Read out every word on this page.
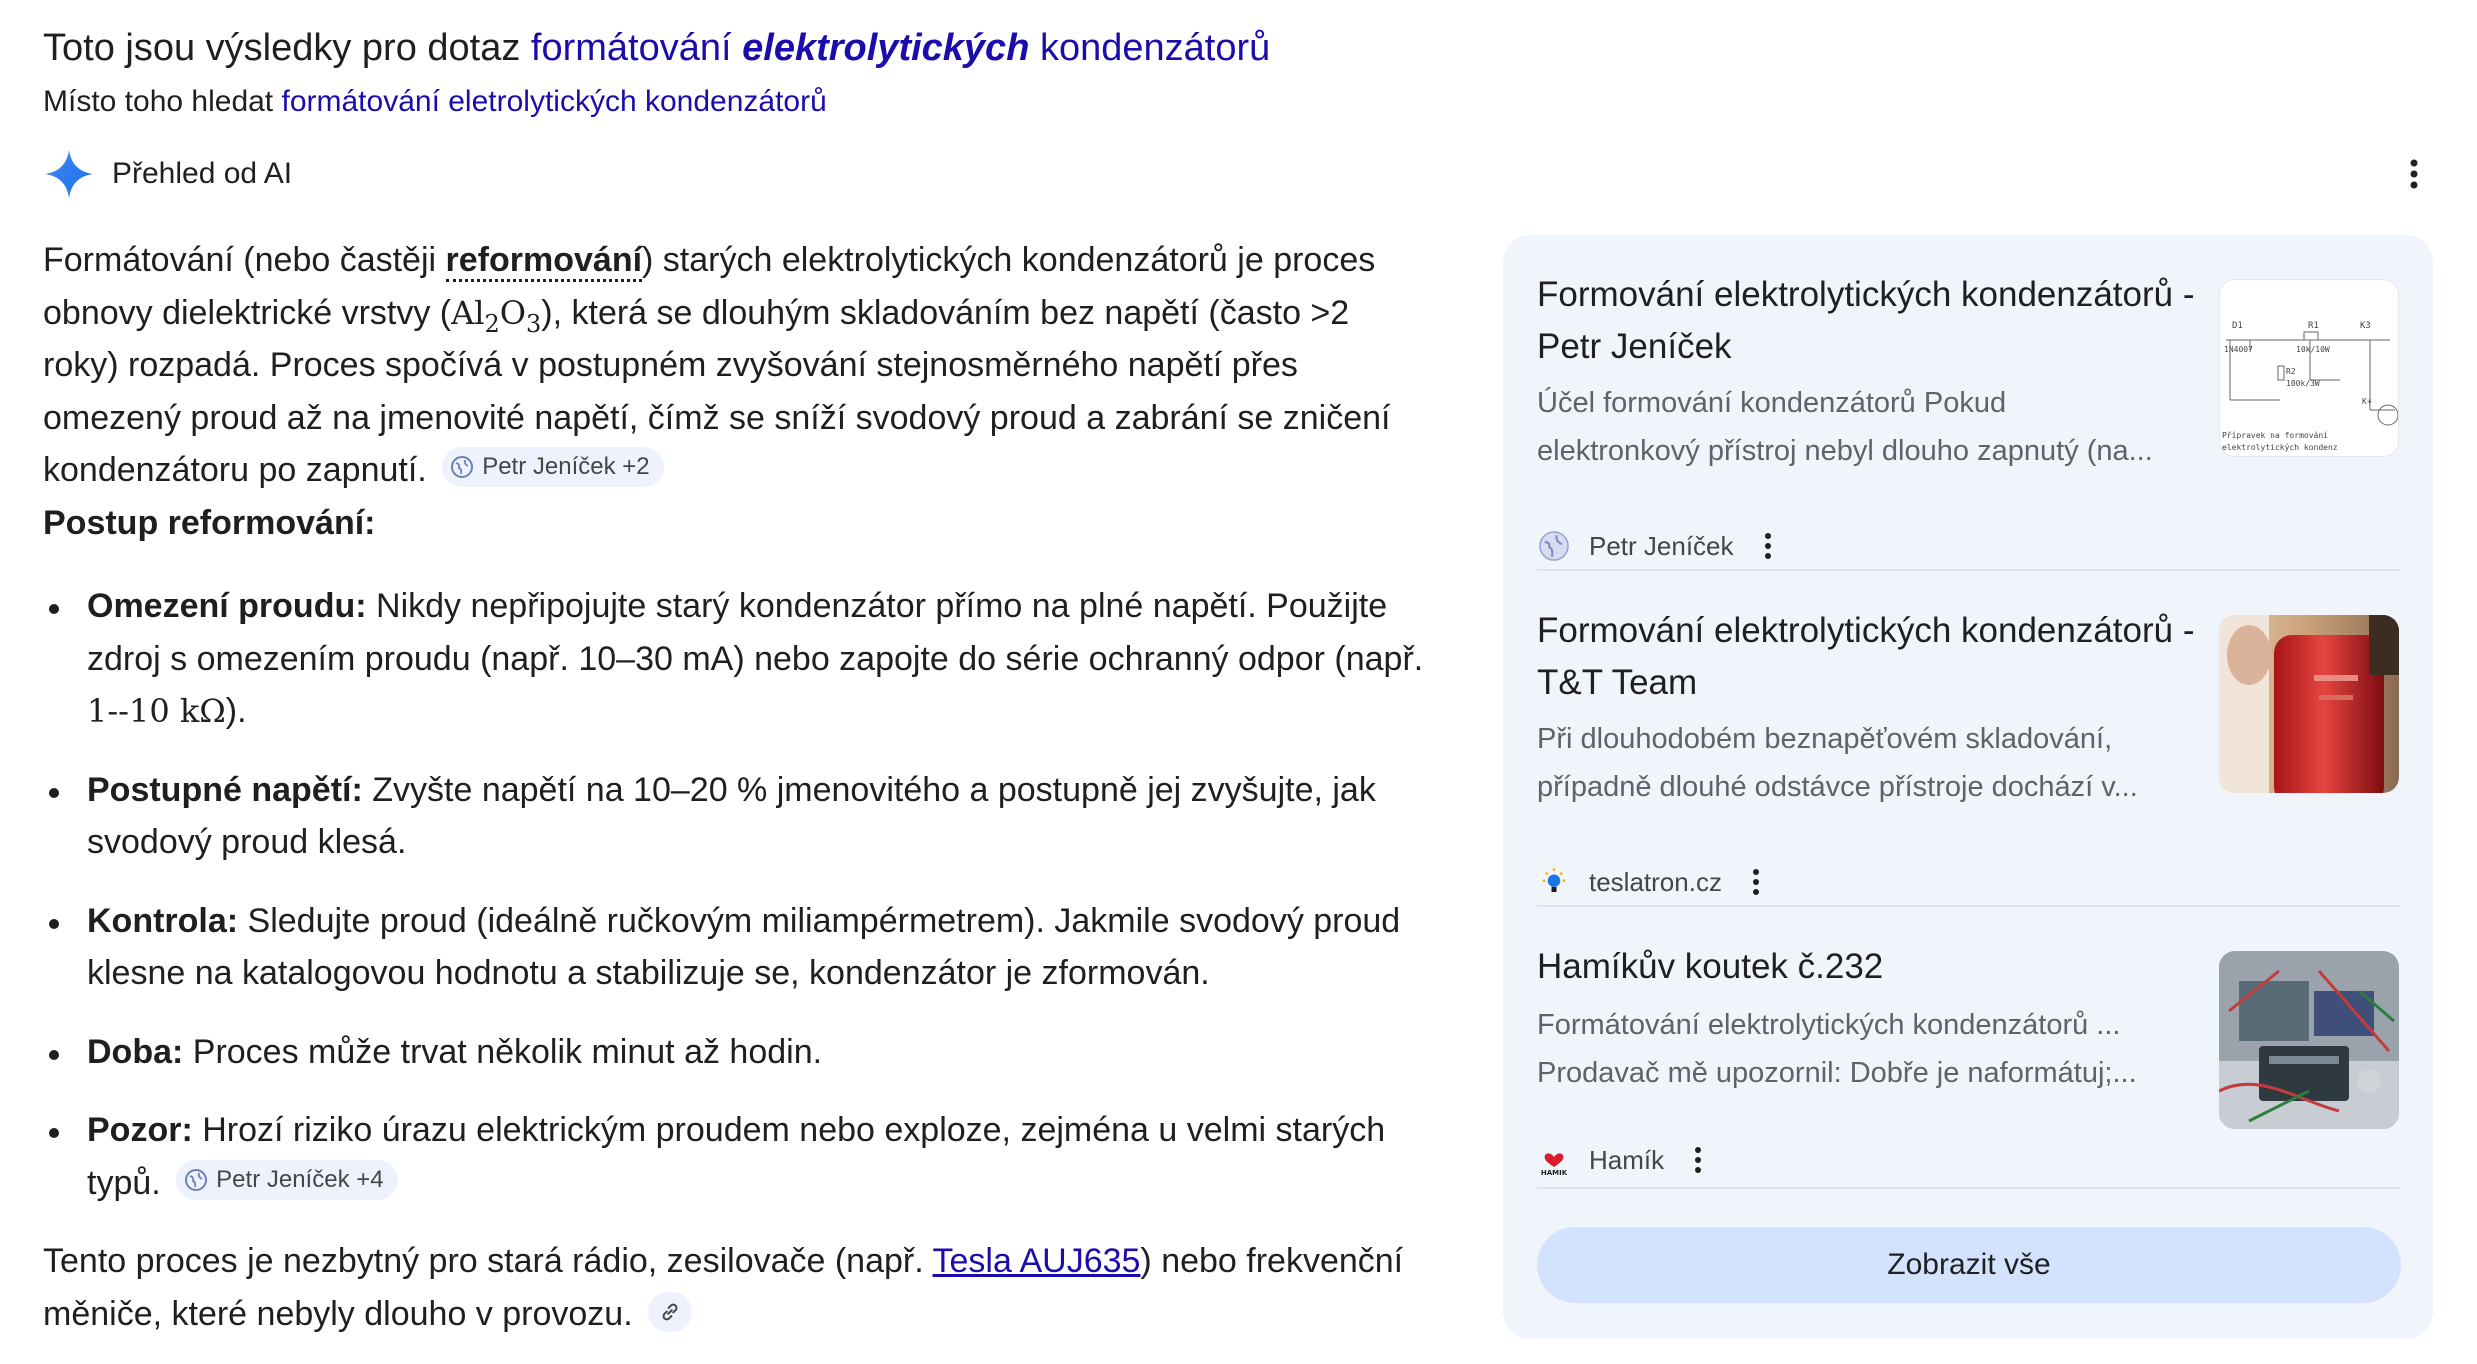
Toto jsou výsledky pro dotaz formátování elektrolytických kondenzátorů
Místo toho hledat formátování eletrolytických kondenzátorů
Přehled od AI

Formátování (nebo častěji reformování) starých elektrolytických kondenzátorů je proces obnovy dielektrické vrstvy $(Al_2O_3)$, která se dlouhým skladováním bez napětí (často >2 roky) rozpadá. Proces spočívá v postupném zvyšování stejnosměrného napětí přes omezený proud až na jmenovité napětí, čímž se sníží svodový proud a zabrání se zničení kondenzátoru po zapnutí. Petr Jeníček +2

Postup reformování:

Omezení proudu: Nikdy nepřipojujte starý kondenzátor přímo na plné napětí. Použijte zdroj s omezením proudu (např. 10–30 mA) nebo zapojte do série ochranný odpor (např. 1--10 kΩ).
Postupné napětí: Zvyšte napětí na 10–20 % jmenovitého a postupně jej zvyšujte, jak svodový proud klesá.
Kontrola: Sledujte proud (ideálně ručkovým miliampérmetrem). Jakmile svodový proud klesne na katalogovou hodnotu a stabilizuje se, kondenzátor je zformován.
Doba: Proces může trvat několik minut až hodin.
Pozor: Hrozí riziko úrazu elektrickým proudem nebo exploze, zejména u velmi starých typů. Petr Jeníček +4

Tento proces je nezbytný pro stará rádio, zesilovače (např. Tesla AUJ635) nebo frekvenční měniče, které nebyly dlouho v provozu.

Formování elektrolytických kondenzátorů - Petr Jeníček
Účel formování kondenzátorů Pokud
elektronkový přístroj nebyl dlouho zapnutý (na...
Petr Jeníček
D1	R1	K3
1N4007	10k/10W
R2
100k/3W
K+
Přípravek na formování
elektrolytických kondenz
Formování elektrolytických kondenzátorů - T&T Team
Při dlouhodobém beznapěťovém skladování,
případně dlouhé odstávce přístroje dochází v...
teslatron.cz
Hamíkův koutek č.232
Formátování elektrolytických kondenzátorů ...
Prodavač mě upozornil: Dobře je naformátuj;...
HAMIK Hamík
Zobrazit vše
